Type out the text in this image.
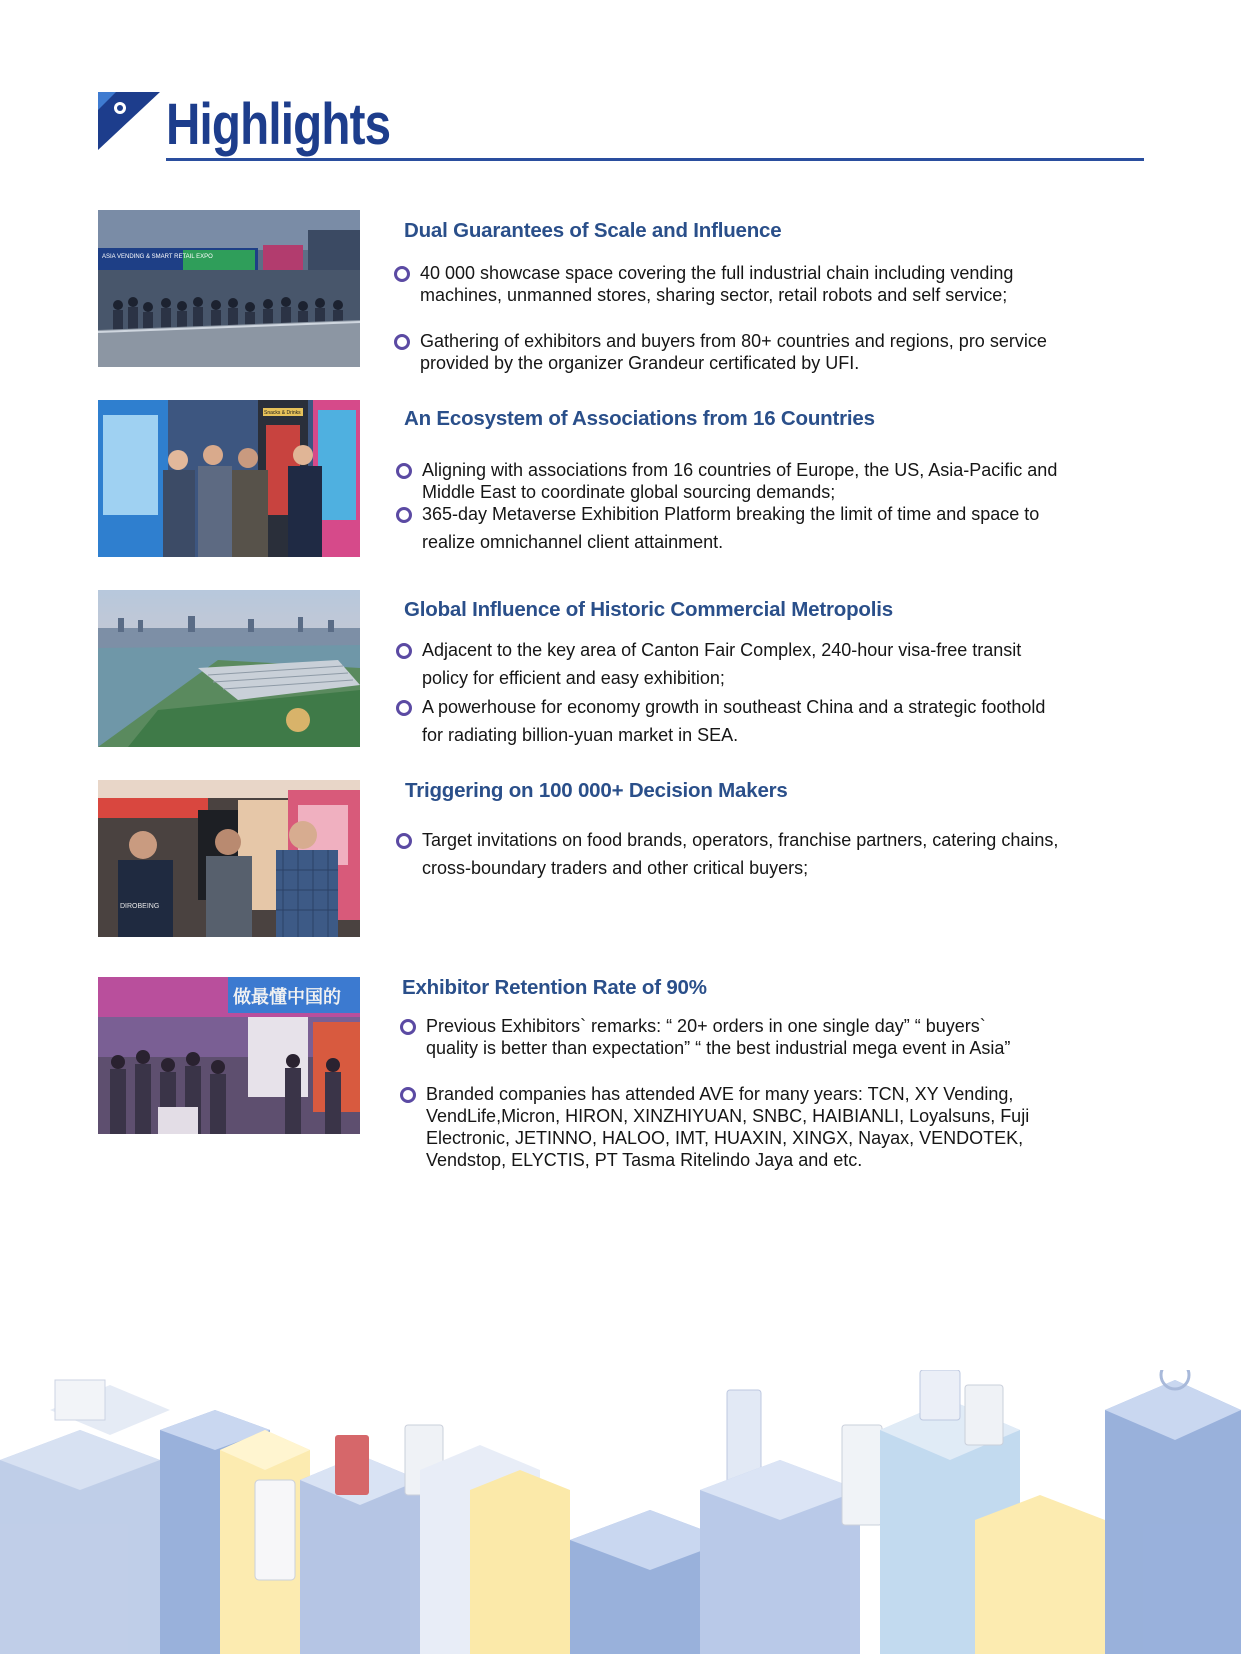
Highlights
ASIA VENDING & SMART RETAIL EXPO
Dual Guarantees of Scale and Influence
40 000 showcase space covering the full industrial chain including vending
machines, unmanned stores, sharing sector, retail robots and self service;
Gathering of exhibitors and buyers from 80+ countries and regions, pro service
provided by the organizer Grandeur certificated by UFI.
Snacks & Drinks	An Ecosystem of Associations from 16 Countries
Aligning with associations from 16 countries of Europe, the US, Asia-Pacific and
Middle East to coordinate global sourcing demands;
365-day Metaverse Exhibition Platform breaking the limit of time and space to
realize omnichannel client attainment.
Global Influence of Historic Commercial Metropolis
Adjacent to the key area of Canton Fair Complex, 240-hour visa-free transit
policy for efficient and easy exhibition;
A powerhouse for economy growth in southeast China and a strategic foothold
for radiating billion-yuan market in SEA.
DIROBEING
Triggering on 100 000+ Decision Makers
Target invitations on food brands, operators, franchise partners, catering chains,
cross-boundary traders and other critical buyers;
做最懂中国的	Exhibitor Retention Rate of 90%
Previous Exhibitors` remarks: “ 20+ orders in one single day” “ buyers`
quality is better than expectation” “ the best industrial mega event in Asia”
Branded companies has attended AVE for many years: TCN, XY Vending,
VendLife,Micron, HIRON, XINZHIYUAN, SNBC, HAIBIANLI, Loyalsuns, Fuji
Electronic, JETINNO, HALOO, IMT, HUAXIN, XINGX, Nayax, VENDOTEK,
Vendstop, ELYCTIS, PT Tasma Ritelindo Jaya and etc.
